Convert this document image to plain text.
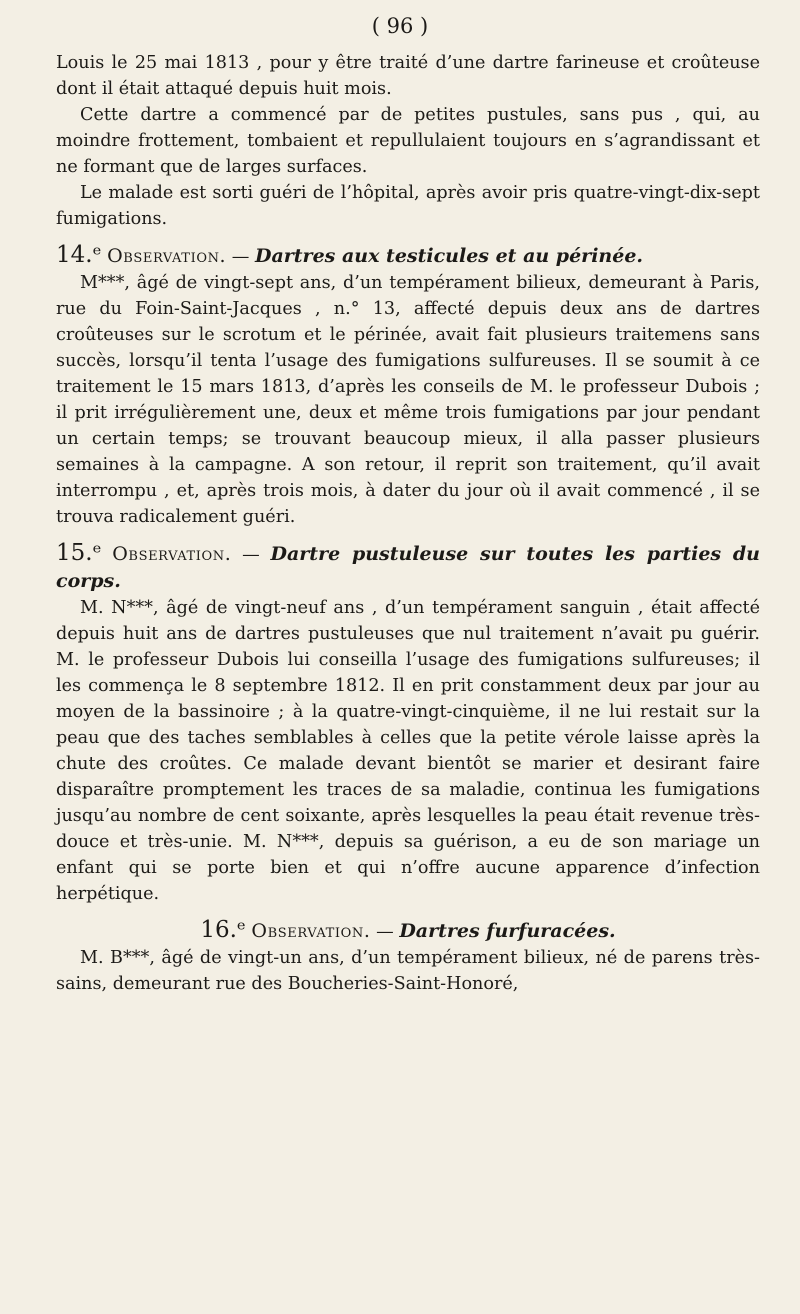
( 96 )

Louis le 25 mai 1813 , pour y être traité d’une dartre farineuse et croûteuse dont il était attaqué depuis huit mois.

Cette dartre a commencé par de petites pustules, sans pus , qui, au moindre frottement, tombaient et repullulaient toujours en s’agrandissant et ne formant que de larges surfaces.

Le malade est sorti guéri de l’hôpital, après avoir pris quatre-vingt-dix-sept fumigations.

14.ᵉ Observation. — Dartres aux testicules et au périnée.

M***, âgé de vingt-sept ans, d’un tempérament bilieux, demeurant à Paris, rue du Foin-Saint-Jacques , n.° 13, affecté depuis deux ans de dartres croûteuses sur le scrotum et le périnée, avait fait plusieurs traitemens sans succès, lorsqu’il tenta l’usage des fumigations sulfureuses. Il se soumit à ce traitement le 15 mars 1813, d’après les conseils de M. le professeur Dubois ; il prit irrégulièrement une, deux et même trois fumigations par jour pendant un certain temps; se trouvant beaucoup mieux, il alla passer plusieurs semaines à la campagne. A son retour, il reprit son traitement, qu’il avait interrompu , et, après trois mois, à dater du jour où il avait commencé , il se trouva radicalement guéri.

15.ᵉ Observation. — Dartre pustuleuse sur toutes les parties du corps.

M. N***, âgé de vingt-neuf ans , d’un tempérament sanguin , était affecté depuis huit ans de dartres pustuleuses que nul traitement n’avait pu guérir. M. le professeur Dubois lui conseilla l’usage des fumigations sulfureuses; il les commença le 8 septembre 1812. Il en prit constamment deux par jour au moyen de la bassinoire ; à la quatre-vingt-cinquième, il ne lui restait sur la peau que des taches semblables à celles que la petite vérole laisse après la chute des croûtes. Ce malade devant bientôt se marier et desirant faire disparaître promptement les traces de sa maladie, continua les fumigations jusqu’au nombre de cent soixante, après lesquelles la peau était revenue très-douce et très-unie. M. N***, depuis sa guérison, a eu de son mariage un enfant qui se porte bien et qui n’offre aucune apparence d’infection herpétique.

16.ᵉ Observation. — Dartres furfuracées.

M. B***, âgé de vingt-un ans, d’un tempérament bilieux, né de parens très-sains, demeurant rue des Boucheries-Saint-Honoré,
